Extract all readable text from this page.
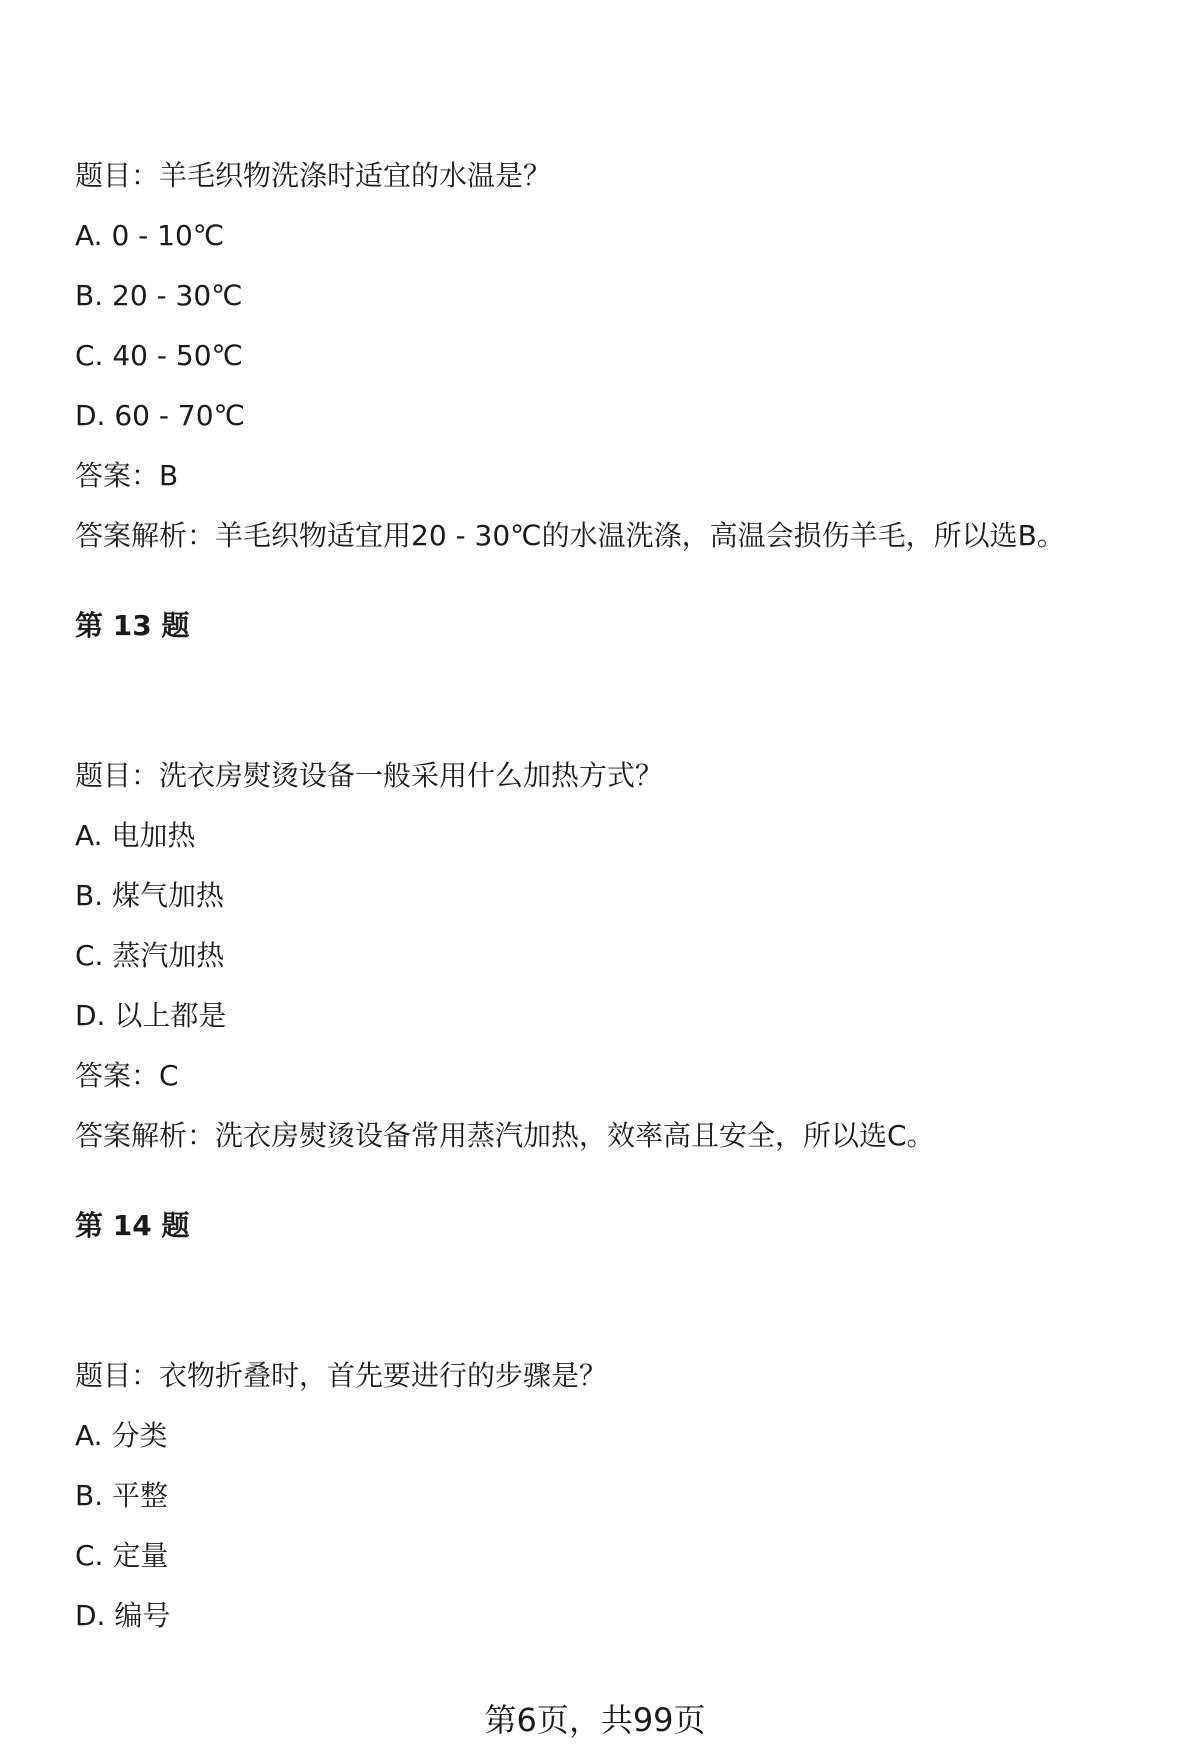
题目：羊毛织物洗涤时适宜的水温是？
A. 0 - 10℃
B. 20 - 30℃
C. 40 - 50℃
D. 60 - 70℃
答案：B
答案解析：羊毛织物适宜用20 - 30℃的水温洗涤，高温会损伤羊毛，所以选B。
第 13 题
题目：洗衣房熨烫设备一般采用什么加热方式？
A. 电加热
B. 煤气加热
C. 蒸汽加热
D. 以上都是
答案：C
答案解析：洗衣房熨烫设备常用蒸汽加热，效率高且安全，所以选C。
第 14 题
题目：衣物折叠时，首先要进行的步骤是？
A. 分类
B. 平整
C. 定量
D. 编号
第6页，共99页
